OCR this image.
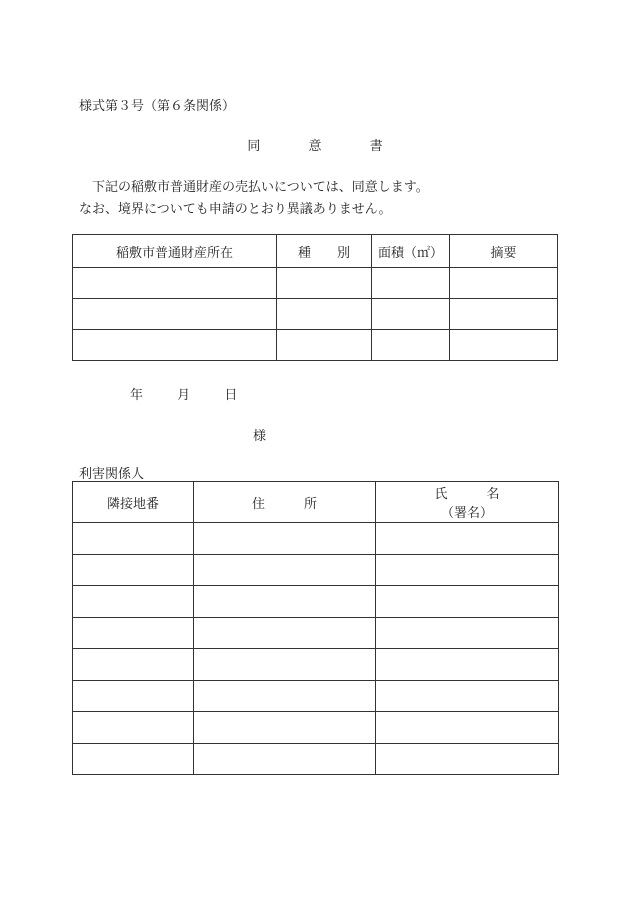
様式第３号（第６条関係）
同	意	書
下記の稲敷市普通財産の売払いについては、同意します。
なお、境界についても申請のとおり異議ありません。
稲敷市普通財産所在	種　　別	面積（㎡）	摘要

年	月	日
様
利害関係人
隣接地番	住　　　所	氏　　　名
（署名）
